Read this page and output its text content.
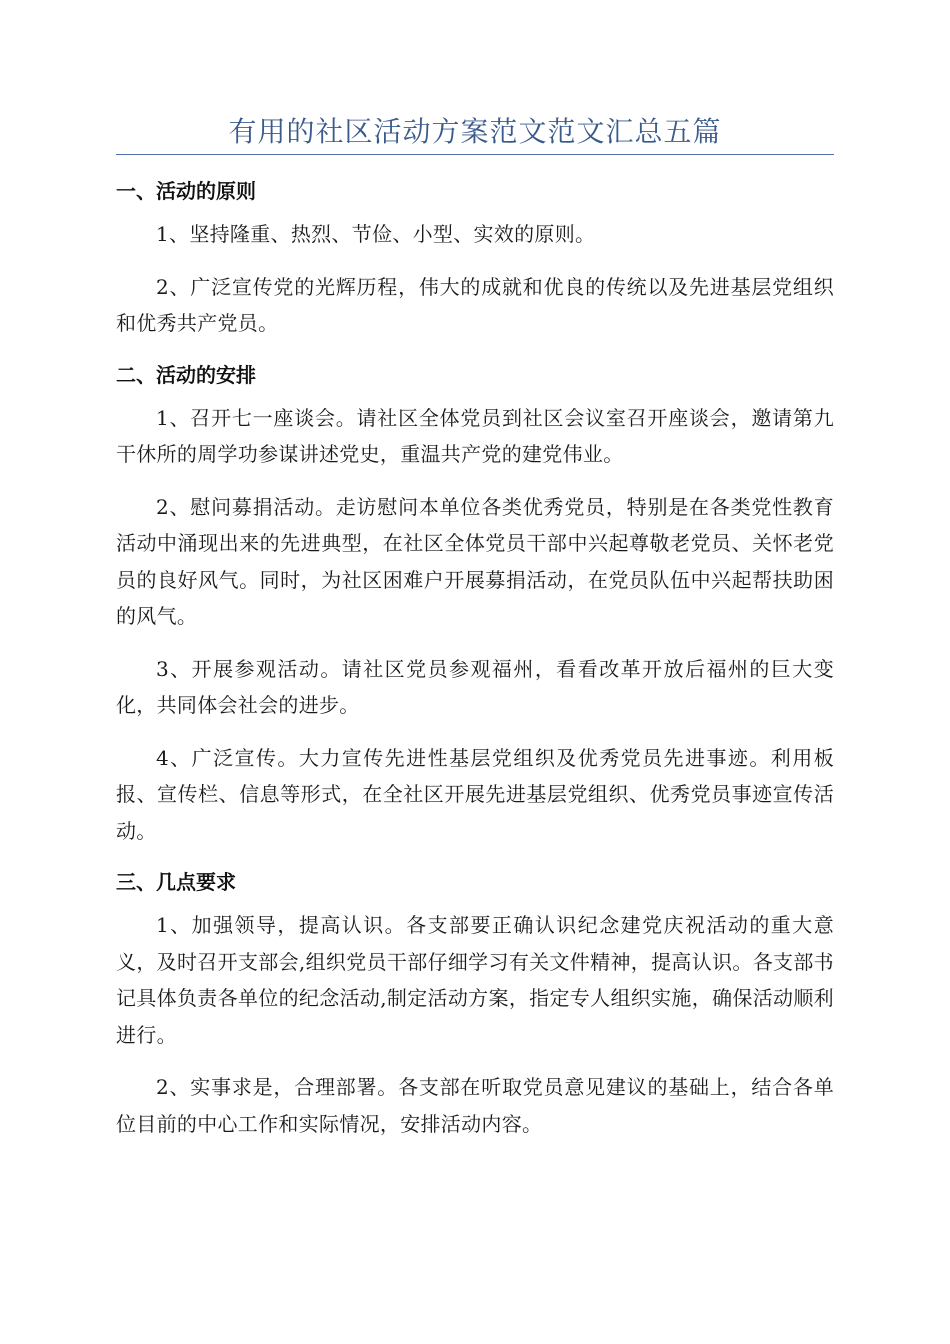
有用的社区活动方案范文范文汇总五篇
一、活动的原则

1、坚持隆重、热烈、节俭、小型、实效的原则。

2、广泛宣传党的光辉历程，伟大的成就和优良的传统以及先进基层党组织和优秀共产党员。

二、活动的安排

1、召开七一座谈会。请社区全体党员到社区会议室召开座谈会，邀请第九干休所的周学功参谋讲述党史，重温共产党的建党伟业。

2、慰问募捐活动。走访慰问本单位各类优秀党员，特别是在各类党性教育活动中涌现出来的先进典型，在社区全体党员干部中兴起尊敬老党员、关怀老党员的良好风气。同时，为社区困难户开展募捐活动，在党员队伍中兴起帮扶助困的风气。

3、开展参观活动。请社区党员参观福州，看看改革开放后福州的巨大变化，共同体会社会的进步。

4、广泛宣传。大力宣传先进性基层党组织及优秀党员先进事迹。利用板报、宣传栏、信息等形式，在全社区开展先进基层党组织、优秀党员事迹宣传活动。

三、几点要求

1、加强领导，提高认识。各支部要正确认识纪念建党庆祝活动的重大意义，及时召开支部会,组织党员干部仔细学习有关文件精神，提高认识。各支部书记具体负责各单位的纪念活动,制定活动方案，指定专人组织实施，确保活动顺利进行。

2、实事求是，合理部署。各支部在听取党员意见建议的基础上，结合各单位目前的中心工作和实际情况，安排活动内容。
